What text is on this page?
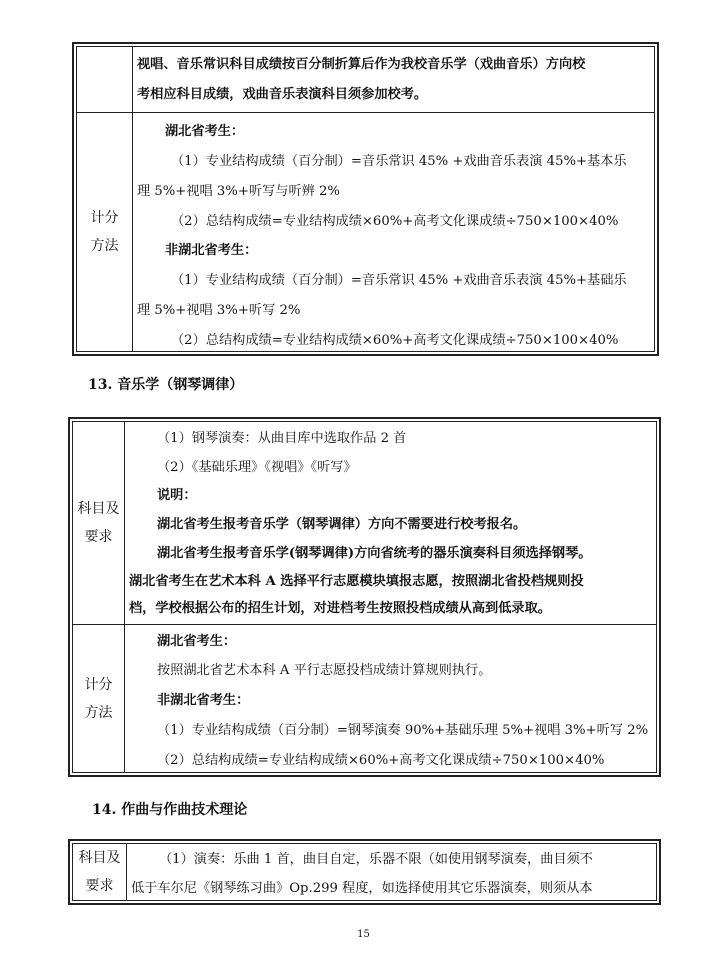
视唱、音乐常识科目成绩按百分制折算后作为我校音乐学（戏曲音乐）方向校
考相应科目成绩，戏曲音乐表演科目须参加校考。
计分
方法
湖北省考生：
（1）专业结构成绩（百分制）=音乐常识 45% +戏曲音乐表演 45%+基本乐
理 5%+视唱 3%+听写与听辨 2%
（2）总结构成绩=专业结构成绩×60%+高考文化课成绩÷750×100×40%
非湖北省考生：
（1）专业结构成绩（百分制）=音乐常识 45% +戏曲音乐表演 45%+基础乐
理 5%+视唱 3%+听写 2%
（2）总结构成绩=专业结构成绩×60%+高考文化课成绩÷750×100×40%
13. 音乐学（钢琴调律）
科目及
要求
（1）钢琴演奏：从曲目库中选取作品 2 首
（2）《基础乐理》《视唱》《听写》
说明：
湖北省考生报考音乐学（钢琴调律）方向不需要进行校考报名。
湖北省考生报考音乐学(钢琴调律)方向省统考的器乐演奏科目须选择钢琴。
湖北省考生在艺术本科 A 选择平行志愿模块填报志愿，按照湖北省投档规则投
档，学校根据公布的招生计划，对进档考生按照投档成绩从高到低录取。
计分
方法
湖北省考生：
按照湖北省艺术本科 A 平行志愿投档成绩计算规则执行。
非湖北省考生：
（1）专业结构成绩（百分制）=钢琴演奏 90%+基础乐理 5%+视唱 3%+听写 2%
（2）总结构成绩=专业结构成绩×60%+高考文化课成绩÷750×100×40%
14. 作曲与作曲技术理论
科目及
要求
（1）演奏：乐曲 1 首，曲目自定，乐器不限（如使用钢琴演奏，曲目须不
低于车尔尼《钢琴练习曲》Op.299 程度，如选择使用其它乐器演奏，则须从本
15
